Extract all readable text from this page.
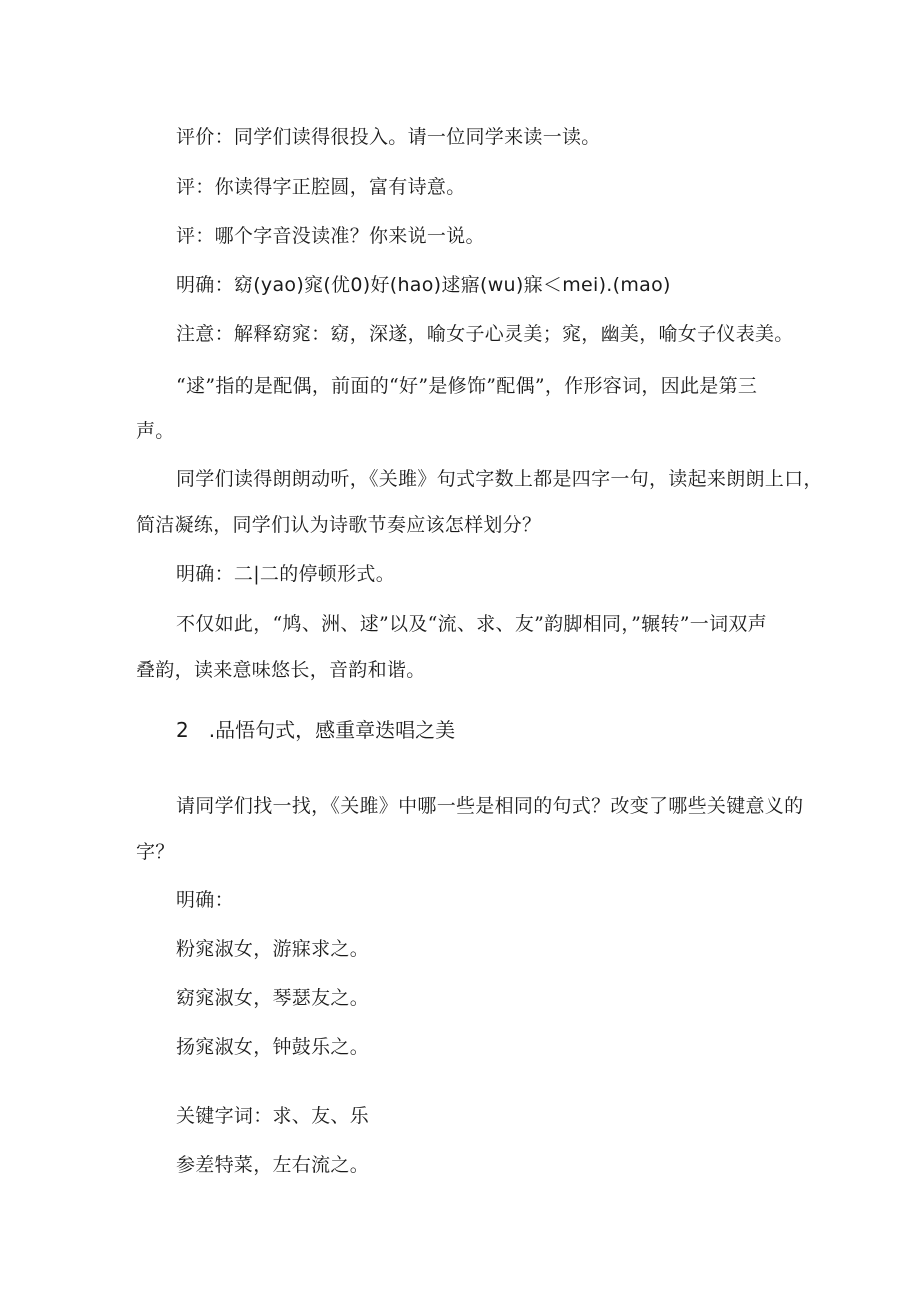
评价：同学们读得很投入。请一位同学来读一读。
评：你读得字正腔圆，富有诗意。
评：哪个字音没读准？你来说一说。
明确：窈(yao)窕(优0)好(hao)逑寤(wu)寐＜mei).(mao)
注意：解释窈窕：窈，深遂，喻女子心灵美；窕，幽美，喻女子仪表美。
“逑”指的是配偶，前面的“好”是修饰”配偶”，作形容词，因此是第三
声。
同学们读得朗朗动听，《关雎》句式字数上都是四字一句，读起来朗朗上口，
简洁凝练，同学们认为诗歌节奏应该怎样划分？
明确：二|二的停顿形式。
不仅如此，“鸠、洲、逑”以及“流、求、友”韵脚相同，”辗转”一词双声
叠韵，读来意味悠长，音韵和谐。
2　.品悟句式，感重章迭唱之美
请同学们找一找，《关雎》中哪一些是相同的句式？改变了哪些关键意义的
字？
明确：
粉窕淑女，游寐求之。
窈窕淑女，琴瑟友之。
扬窕淑女，钟鼓乐之。
关键字词：求、友、乐
参差特菜，左右流之。
